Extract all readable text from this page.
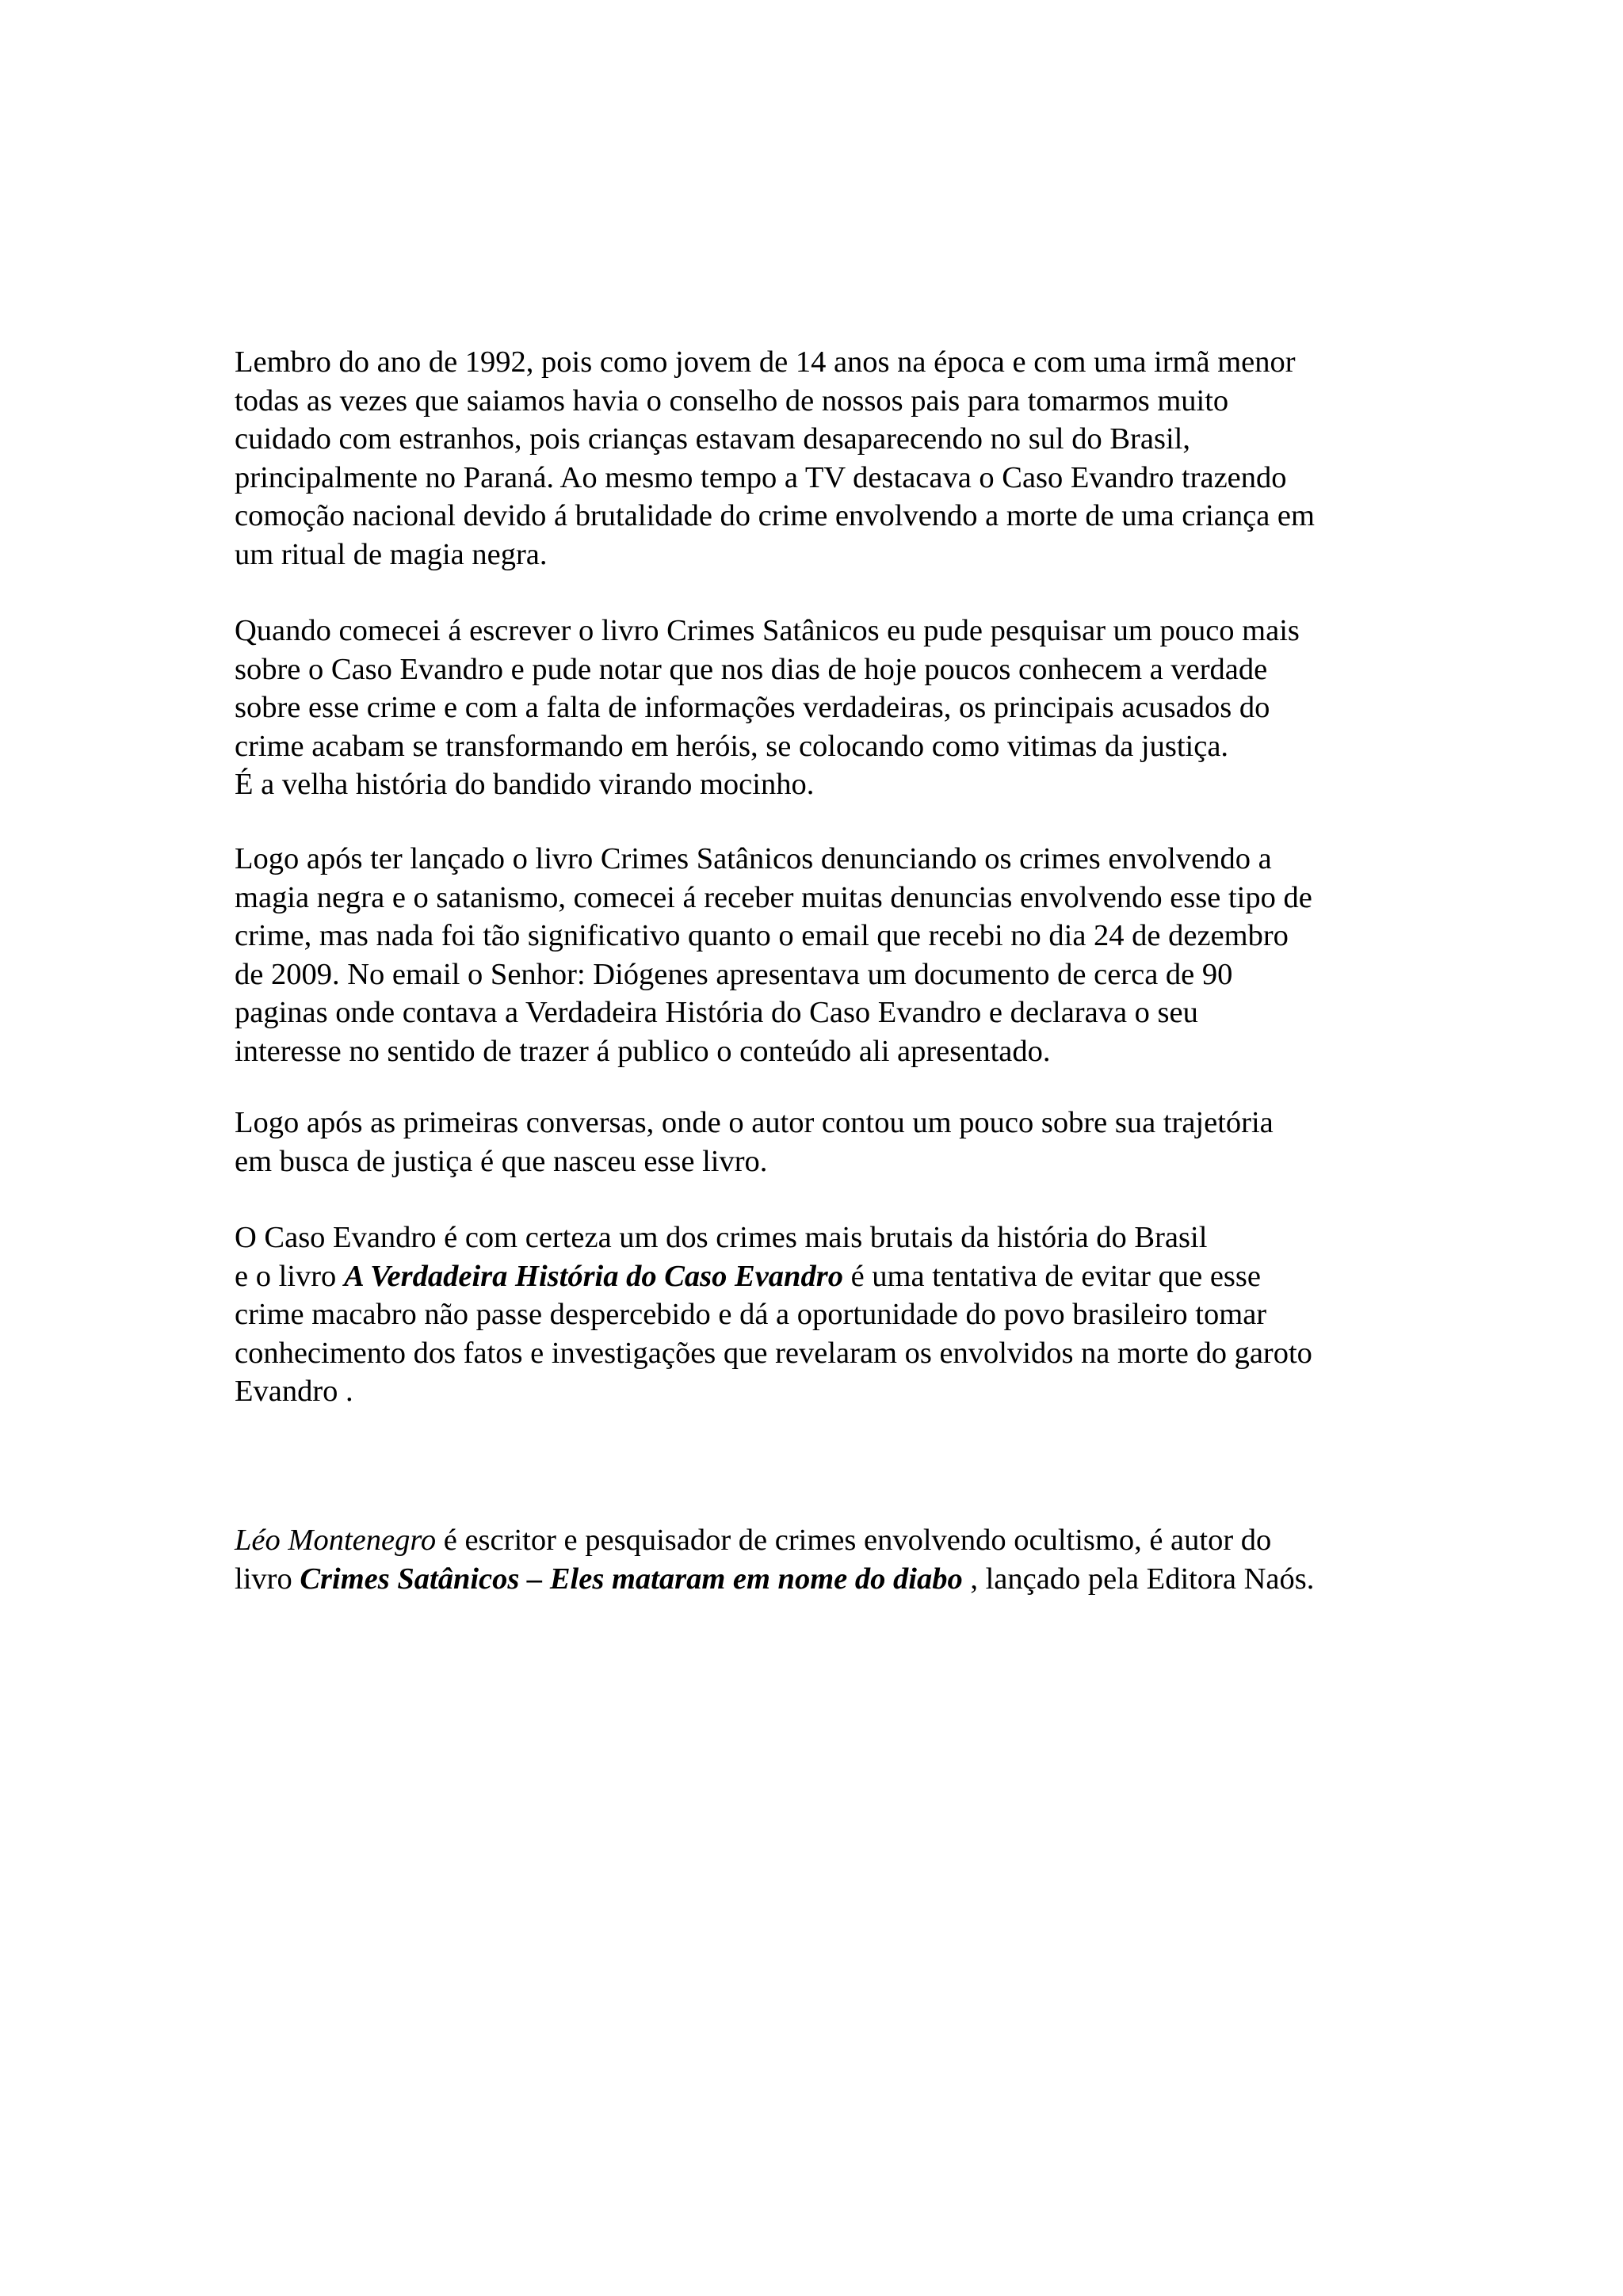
Lembro do ano de 1992, pois como jovem de 14 anos na época e com uma irmã menor
todas as vezes que saiamos havia o conselho de nossos pais para tomarmos muito
cuidado com estranhos, pois crianças estavam desaparecendo no sul do Brasil,
principalmente no Paraná. Ao mesmo tempo a TV destacava o Caso Evandro trazendo
comoção nacional devido á brutalidade do crime envolvendo a morte de uma criança em
um ritual de magia negra.
Quando comecei á escrever o livro Crimes Satânicos eu pude pesquisar um pouco mais
sobre o Caso Evandro e pude notar que nos dias de hoje poucos conhecem a verdade
sobre esse crime e com a falta de informações verdadeiras, os principais acusados do
crime acabam se transformando em heróis, se colocando como vitimas da justiça.
É a velha história do bandido virando mocinho.
Logo após ter lançado o livro Crimes Satânicos denunciando os crimes envolvendo a
magia negra e o satanismo, comecei á receber muitas denuncias envolvendo esse tipo de
crime, mas nada foi tão significativo quanto o email que recebi no dia 24 de dezembro
de 2009. No email o Senhor: Diógenes apresentava um documento de cerca de 90
paginas onde contava a Verdadeira História do Caso Evandro e declarava o seu
interesse no sentido de trazer á publico o conteúdo ali apresentado.
Logo após as primeiras conversas, onde o autor contou um pouco sobre sua trajetória
em busca de justiça é que nasceu esse livro.
O Caso Evandro é com certeza um dos crimes mais brutais da história do Brasil
e o livro A Verdadeira História do Caso Evandro é uma tentativa de evitar que esse
crime macabro não passe despercebido e dá a oportunidade do povo brasileiro tomar
conhecimento dos fatos e investigações que revelaram os envolvidos na morte do garoto
Evandro .
Léo Montenegro é escritor e pesquisador de crimes envolvendo ocultismo, é autor do
livro Crimes Satânicos – Eles mataram em nome do diabo , lançado pela Editora Naós.
